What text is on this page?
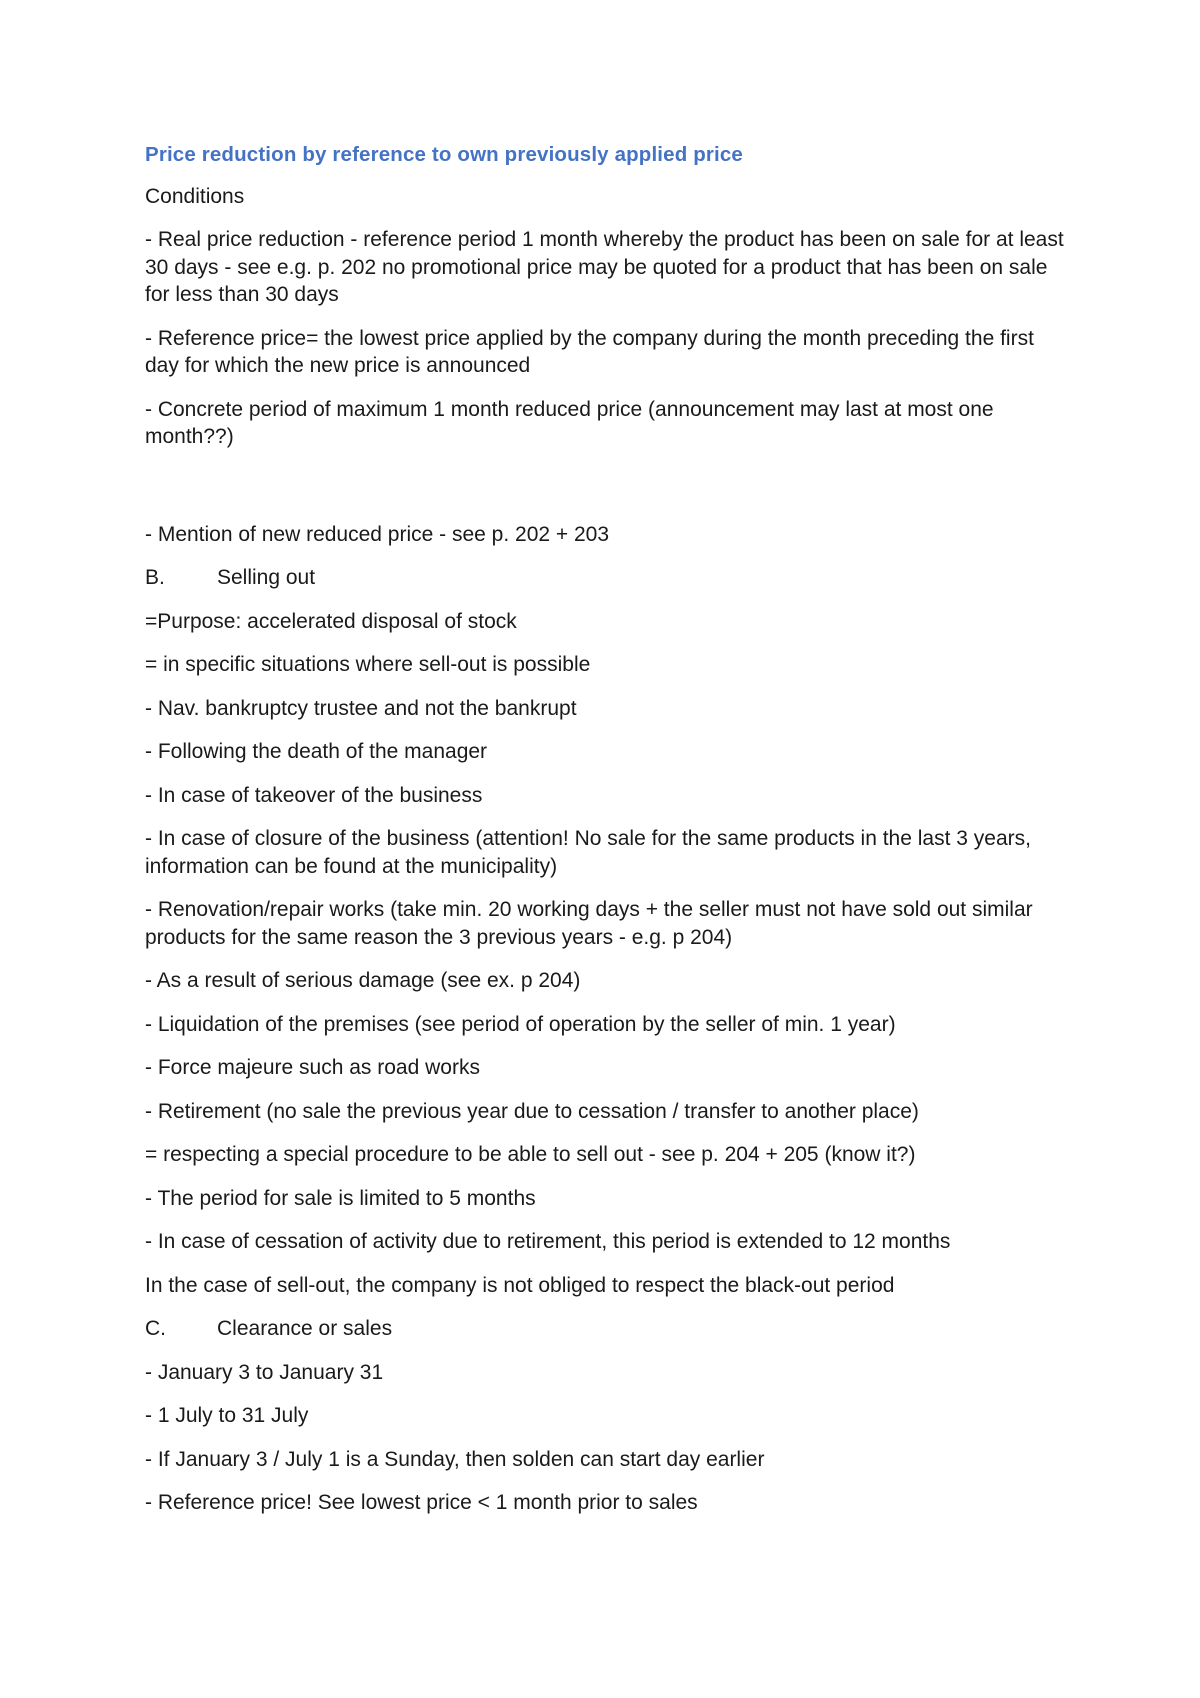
Price reduction by reference to own previously applied price
Conditions
- Real price reduction - reference period 1 month whereby the product has been on sale for at least 30 days - see e.g. p. 202 no promotional price may be quoted for a product that has been on sale for less than 30 days
- Reference price= the lowest price applied by the company during the month preceding the first day for which the new price is announced
- Concrete period of maximum 1 month reduced price (announcement may last at most one month??)
- Mention of new reduced price - see p. 202 + 203
B.	Selling out
=Purpose: accelerated disposal of stock
= in specific situations where sell-out is possible
- Nav. bankruptcy trustee and not the bankrupt
- Following the death of the manager
- In case of takeover of the business
- In case of closure of the business (attention! No sale for the same products in the last 3 years, information can be found at the municipality)
- Renovation/repair works (take min. 20 working days + the seller must not have sold out similar products for the same reason the 3 previous years - e.g. p 204)
- As a result of serious damage (see ex. p 204)
- Liquidation of the premises (see period of operation by the seller of min. 1 year)
- Force majeure such as road works
- Retirement (no sale the previous year due to cessation / transfer to another place)
= respecting a special procedure to be able to sell out - see p. 204 + 205 (know it?)
- The period for sale is limited to 5 months
- In case of cessation of activity due to retirement, this period is extended to 12 months
In the case of sell-out, the company is not obliged to respect the black-out period
C.	Clearance or sales
- January 3 to January 31
- 1 July to 31 July
- If January 3 / July 1 is a Sunday, then solden can start day earlier
- Reference price! See lowest price < 1 month prior to sales
